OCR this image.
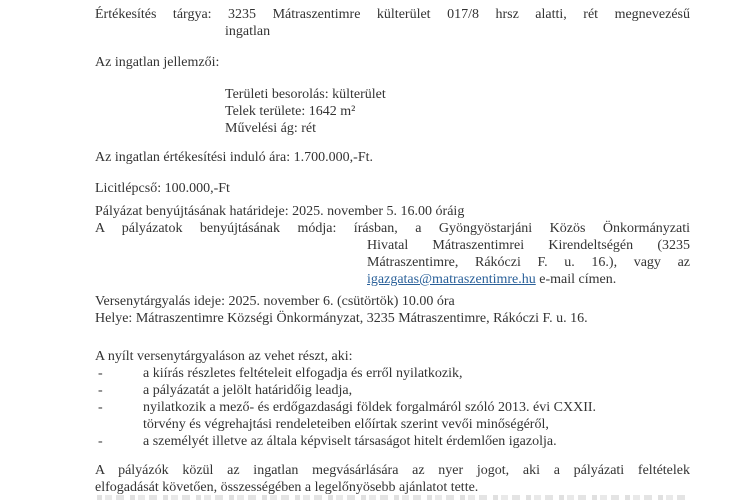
Értékesítés tárgya: 3235 Mátraszentimre külterület 017/8 hrsz alatti, rét megnevezésű
ingatlan
Az ingatlan jellemzői:
Területi besorolás: külterület
Telek területe: 1642 m²
Művelési ág: rét
Az ingatlan értékesítési induló ára: 1.700.000,-Ft.
Licitlépcső: 100.000,-Ft
Pályázat benyújtásának határideje: 2025. november 5. 16.00 óráig
A pályázatok benyújtásának módja: írásban, a Gyöngyöstarjáni Közös Önkormányzati
Hivatal Mátraszentimrei Kirendeltségén (3235
Mátraszentimre, Rákóczi F. u. 16.), vagy az
igazgatas@matraszentimre.hu e-mail címen.
Versenytárgyalás ideje: 2025. november 6. (csütörtök) 10.00 óra
Helye: Mátraszentimre Községi Önkormányzat, 3235 Mátraszentimre, Rákóczi F. u. 16.
A nyílt versenytárgyaláson az vehet részt, aki:
-	a kiírás részletes feltételeit elfogadja és erről nyilatkozik,
-	a pályázatát a jelölt határidőig leadja,
-	nyilatkozik a mező- és erdőgazdasági földek forgalmáról szóló 2013. évi CXXII.
törvény és végrehajtási rendeleteiben előírtak szerint vevői minőségéről,
-	a személyét illetve az általa képviselt társaságot hitelt érdemlően igazolja.
A pályázók közül az ingatlan megvásárlására az nyer jogot, aki a pályázati feltételek
elfogadását követően, összességében a legelőnyösebb ajánlatot tette.
